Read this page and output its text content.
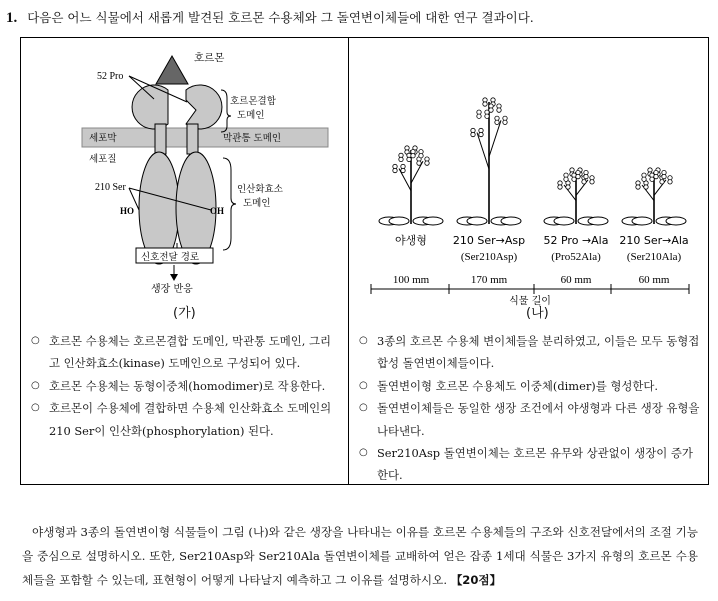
1. 다음은 어느 식물에서 새롭게 발견된 호르몬 수용체와 그 돌연변이체들에 대한 연구 결과이다.
호르몬
세포막	막관통 도메인
세포질
52 Pro
호르몬결합
도메인
인산화효소
도메인
210 Ser
HO	OH
신호전달 경로
생장 반응
(가)
야생형
100 mm
210 Ser→Asp
(Ser210Asp)
170 mm
52 Pro →Ala
(Pro52Ala)
60 mm
210 Ser→Ala
(Ser210Ala)
60 mm
식물 길이
(나)
○ 호르몬 수용체는 호르몬결합 도메인, 막관통 도메인, 그리고 인산화효소(kinase) 도메인으로 구성되어 있다.
○ 호르몬 수용체는 동형이중체(homodimer)로 작용한다.
○ 호르몬이 수용체에 결합하면 수용체 인산화효소 도메인의 210 Ser이 인산화(phosphorylation) 된다.
○ 3종의 호르몬 수용체 변이체들을 분리하였고, 이들은 모두 동형접합성 돌연변이체들이다.
○ 돌연변이형 호르몬 수용체도 이중체(dimer)를 형성한다.
○ 돌연변이체들은 동일한 생장 조건에서 야생형과 다른 생장 유형을 나타낸다.
○ Ser210Asp 돌연변이체는 호르몬 유무와 상관없이 생장이 증가한다.
야생형과 3종의 돌연변이형 식물들이 그림 (나)와 같은 생장을 나타내는 이유를 호르몬 수용체들의 구조와 신호전달에서의 조절 기능을 중심으로 설명하시오. 또한, Ser210Asp와 Ser210Ala 돌연변이체를 교배하여 얻은 잡종 1세대 식물은 3가지 유형의 호르몬 수용체들을 포함할 수 있는데, 표현형이 어떻게 나타날지 예측하고 그 이유를 설명하시오. 【20점】
